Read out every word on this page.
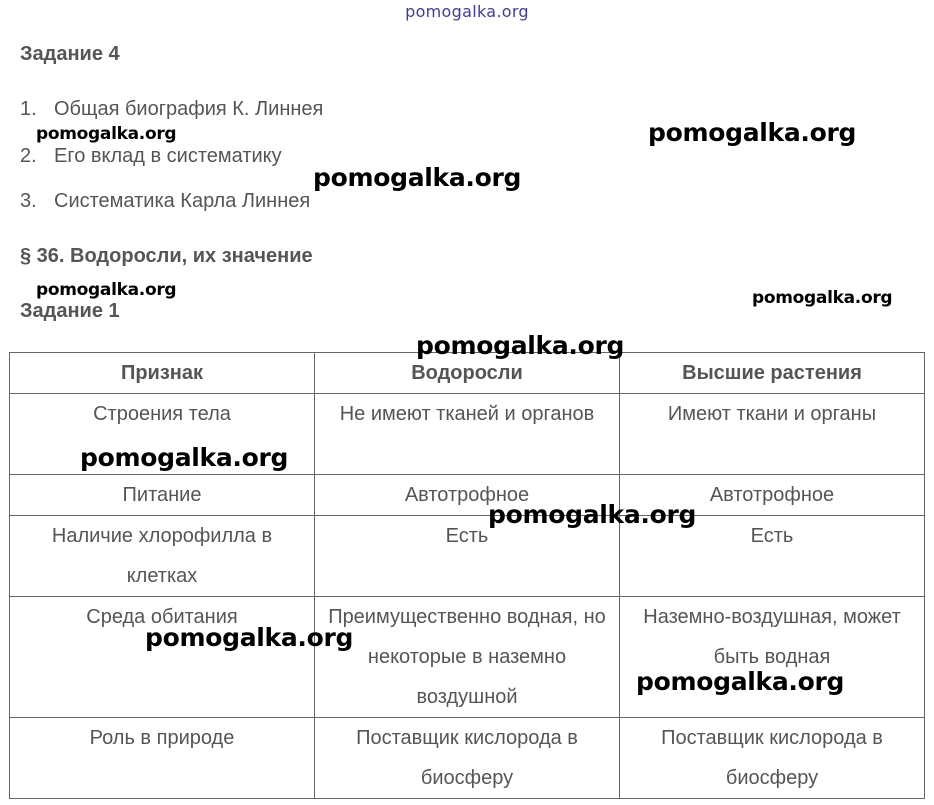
pomogalka.org
Задание 4
1. Общая биография К. Линнея
2. Его вклад в систематику
3. Систематика Карла Линнея
§ 36. Водоросли, их значение
Задание 1
Признак	Водоросли	Высшие растения
Строения тела	Не имеют тканей и органов	Имеют ткани и органы
Питание	Автотрофное	Автотрофное
Наличие хлорофилла в клетках	Есть	Есть
Среда обитания	Преимущественно водная, но некоторые в наземно воздушной	Наземно-воздушная, может быть водная
Роль в природе	Поставщик кислорода в биосферу	Поставщик кислорода в биосферу
pomogalka.org	pomogalka.org
pomogalka.org
pomogalka.org	pomogalka.org
pomogalka.org
pomogalka.org
pomogalka.org
pomogalka.org
pomogalka.org
